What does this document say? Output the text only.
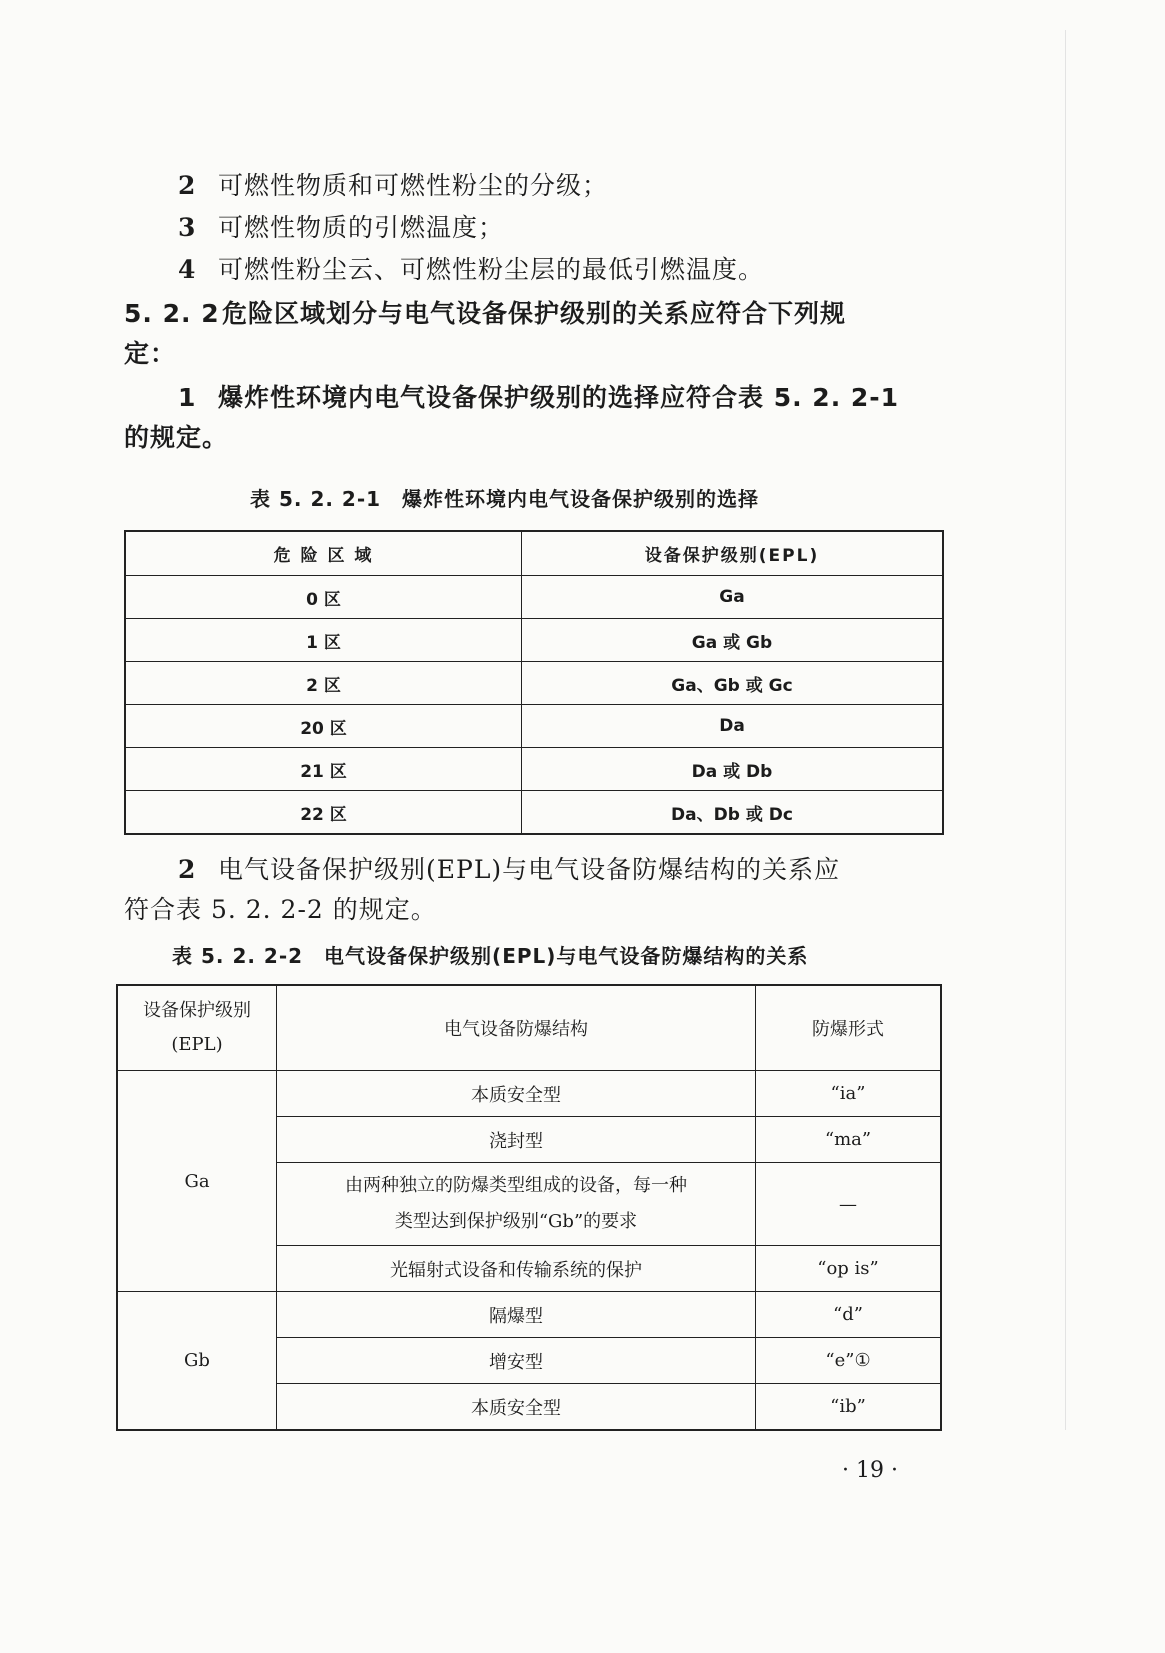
2 可燃性物质和可燃性粉尘的分级；
3 可燃性物质的引燃温度；
4 可燃性粉尘云、可燃性粉尘层的最低引燃温度。
5. 2. 2危险区域划分与电气设备保护级别的关系应符合下列规
定：
1 爆炸性环境内电气设备保护级别的选择应符合表 5. 2. 2-1
的规定。
表 5. 2. 2-1　爆炸性环境内电气设备保护级别的选择
危 险 区 域	设备保护级别(EPL)
0 区	Ga
1 区	Ga 或 Gb
2 区	Ga、Gb 或 Gc
20 区	Da
21 区	Da 或 Db
22 区	Da、Db 或 Dc
2 电气设备保护级别(EPL)与电气设备防爆结构的关系应
符合表 5. 2. 2-2 的规定。
表 5. 2. 2-2　电气设备保护级别(EPL)与电气设备防爆结构的关系
设备保护级别
(EPL)	电气设备防爆结构	防爆形式
Ga	本质安全型	“ia”
	浇封型	“ma”

	由两种独立的防爆类型组成的设备，每一种
类型达到保护级别“Gb”的要求	—
	光辐射式设备和传输系统的保护	“op is”
Gb	隔爆型	“d”
	增安型	“e”①
	本质安全型	“ib”
· 19 ·
